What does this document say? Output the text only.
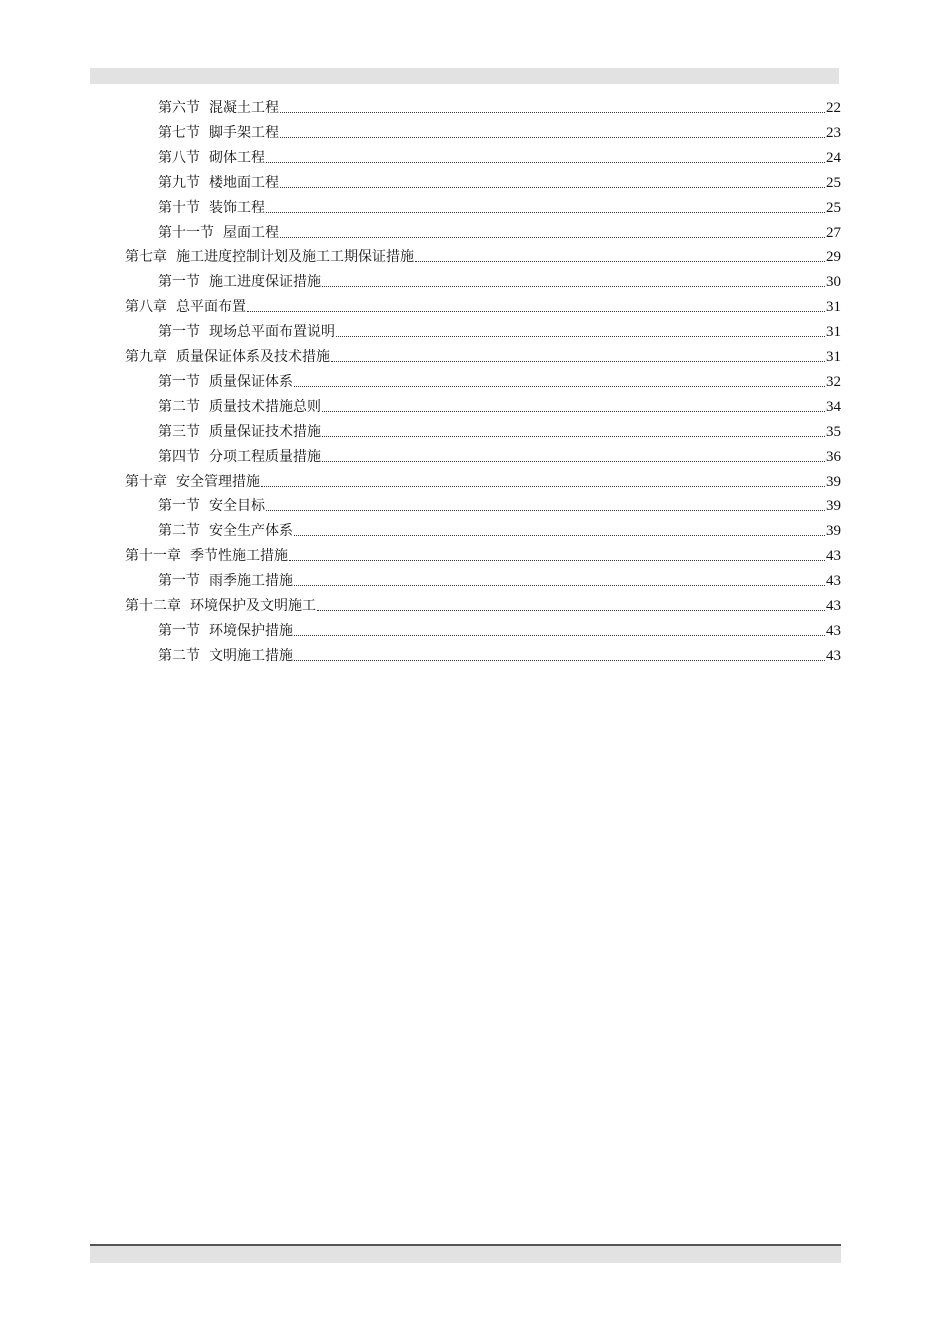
第六节 混凝土工程	22
第七节 脚手架工程	23
第八节 砌体工程	24
第九节 楼地面工程	25
第十节 装饰工程	25
第十一节 屋面工程	27
第七章 施工进度控制计划及施工工期保证措施	29
第一节 施工进度保证措施	30
第八章 总平面布置	31
第一节 现场总平面布置说明	31
第九章 质量保证体系及技术措施	31
第一节 质量保证体系	32
第二节 质量技术措施总则	34
第三节 质量保证技术措施	35
第四节 分项工程质量措施	36
第十章 安全管理措施	39
第一节 安全目标	39
第二节 安全生产体系	39
第十一章 季节性施工措施	43
第一节 雨季施工措施	43
第十二章 环境保护及文明施工	43
第一节 环境保护措施	43
第二节 文明施工措施	43
